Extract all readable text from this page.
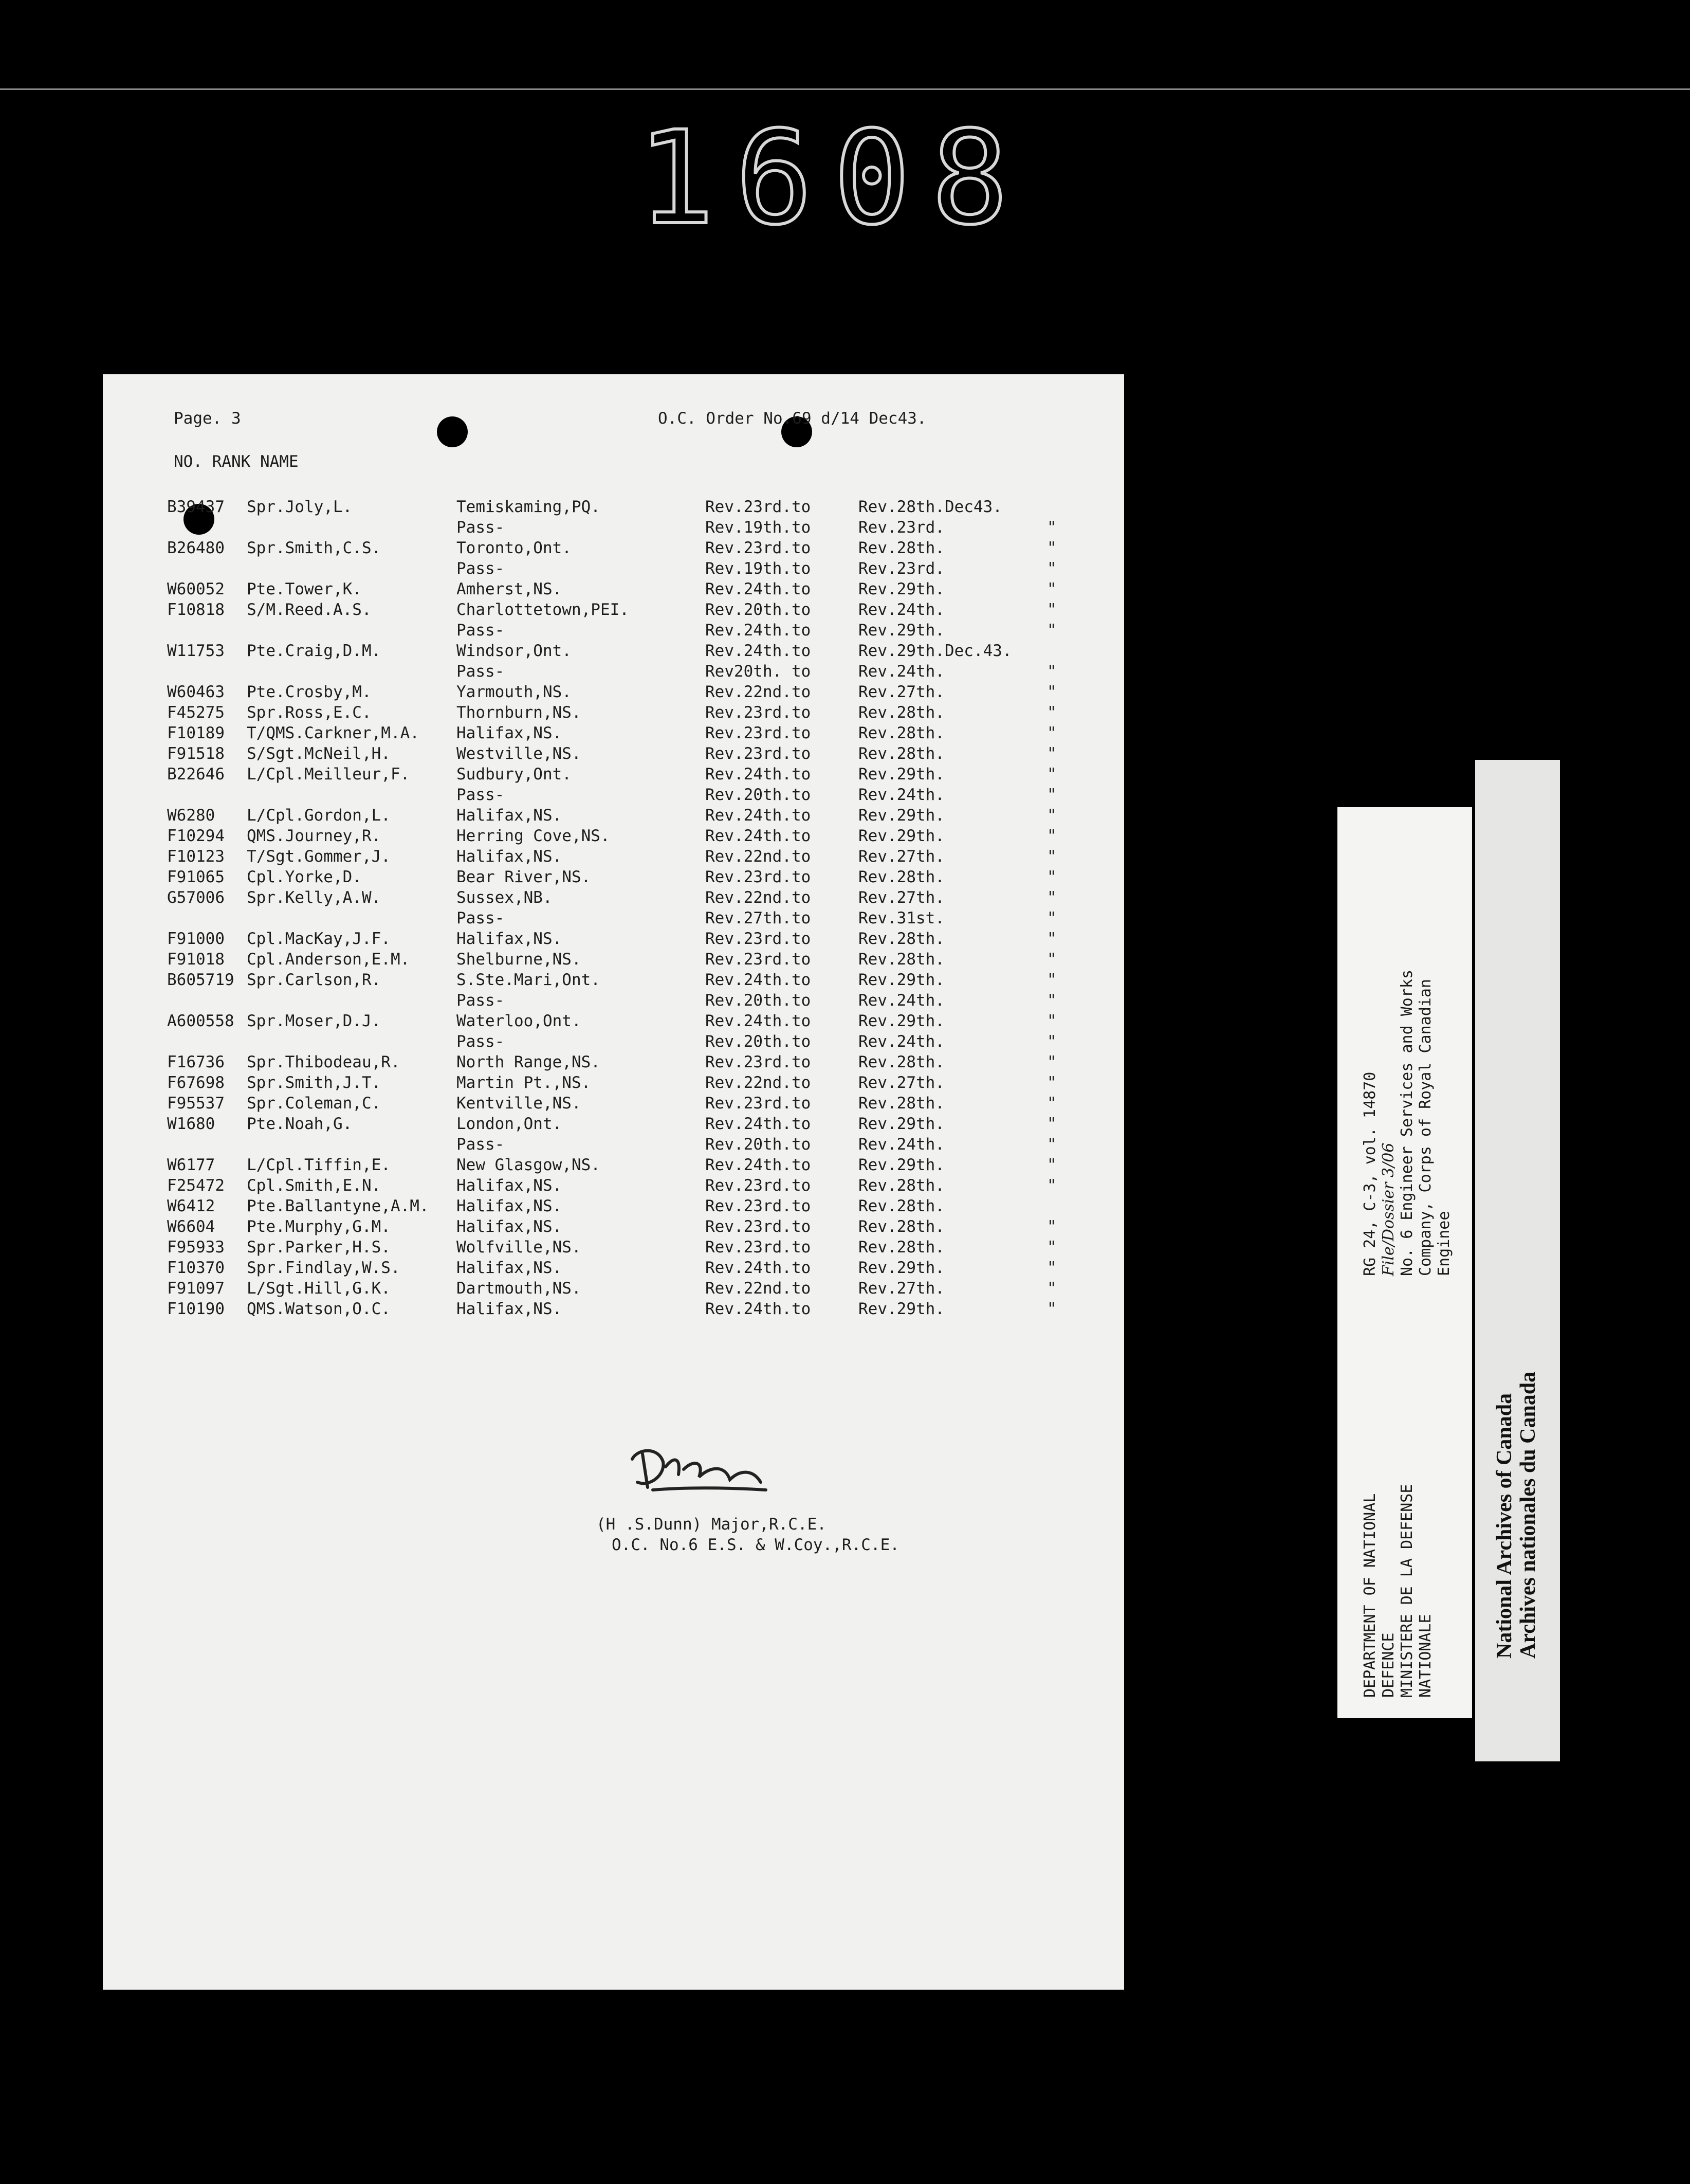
1608
Page. 3	O.C. Order No.69 d/14 Dec43.
NO. RANK NAME
B39437 Spr.Joly,L.	Temiskaming,PQ.	Rev.23rd.to	Rev.28th.Dec43.
Pass-	Rev.19th.to	Rev.23rd.	"
B26480 Spr.Smith,C.S.	Toronto,Ont.	Rev.23rd.to	Rev.28th.	"
Pass-	Rev.19th.to	Rev.23rd.	"
W60052 Pte.Tower,K.	Amherst,NS.	Rev.24th.to	Rev.29th.	"
F10818 S/M.Reed.A.S.	Charlottetown,PEI.	Rev.20th.to	Rev.24th.	"
Pass-	Rev.24th.to	Rev.29th.	"
W11753 Pte.Craig,D.M.	Windsor,Ont.	Rev.24th.to	Rev.29th.Dec.43.
Pass-	Rev20th. to	Rev.24th.	"
W60463 Pte.Crosby,M.	Yarmouth,NS.	Rev.22nd.to	Rev.27th.	"
F45275 Spr.Ross,E.C.	Thornburn,NS.	Rev.23rd.to	Rev.28th.	"
F10189 T/QMS.Carkner,M.A. Halifax,NS.	Rev.23rd.to	Rev.28th.	"
F91518 S/Sgt.McNeil,H.	Westville,NS.	Rev.23rd.to	Rev.28th.	"
B22646 L/Cpl.Meilleur,F.	Sudbury,Ont.	Rev.24th.to	Rev.29th.	"
Pass-	Rev.20th.to	Rev.24th.	"
W6280 L/Cpl.Gordon,L.	Halifax,NS.	Rev.24th.to	Rev.29th.	"
F10294 QMS.Journey,R.	Herring Cove,NS.	Rev.24th.to	Rev.29th.	"
F10123 T/Sgt.Gommer,J.	Halifax,NS.	Rev.22nd.to	Rev.27th.	"
F91065 Cpl.Yorke,D.	Bear River,NS.	Rev.23rd.to	Rev.28th.	"
G57006 Spr.Kelly,A.W.	Sussex,NB.	Rev.22nd.to	Rev.27th.	"
Pass-	Rev.27th.to	Rev.31st.	"
F91000 Cpl.MacKay,J.F.	Halifax,NS.	Rev.23rd.to	Rev.28th.	"
F91018 Cpl.Anderson,E.M.	Shelburne,NS.	Rev.23rd.to	Rev.28th.	"
B605719 Spr.Carlson,R.	S.Ste.Mari,Ont.	Rev.24th.to	Rev.29th.	"
Pass-	Rev.20th.to	Rev.24th.	"
A600558 Spr.Moser,D.J.	Waterloo,Ont.	Rev.24th.to	Rev.29th.	"
Pass-	Rev.20th.to	Rev.24th.	"
F16736 Spr.Thibodeau,R.	North Range,NS.	Rev.23rd.to	Rev.28th.	"
F67698 Spr.Smith,J.T.	Martin Pt.,NS.	Rev.22nd.to	Rev.27th.	"
F95537 Spr.Coleman,C.	Kentville,NS.	Rev.23rd.to	Rev.28th.	"
W1680 Pte.Noah,G.	London,Ont.	Rev.24th.to	Rev.29th.	"
Pass-	Rev.20th.to	Rev.24th.	"
W6177 L/Cpl.Tiffin,E.	New Glasgow,NS.	Rev.24th.to	Rev.29th.	"
F25472 Cpl.Smith,E.N.	Halifax,NS.	Rev.23rd.to	Rev.28th.	"
W6412 Pte.Ballantyne,A.M. Halifax,NS.	Rev.23rd.to	Rev.28th.
W6604 Pte.Murphy,G.M.	Halifax,NS.	Rev.23rd.to	Rev.28th.	"
F95933 Spr.Parker,H.S.	Wolfville,NS.	Rev.23rd.to	Rev.28th.	"
F10370 Spr.Findlay,W.S.	Halifax,NS.	Rev.24th.to	Rev.29th.	"
F91097 L/Sgt.Hill,G.K.	Dartmouth,NS.	Rev.22nd.to	Rev.27th.	"
F10190 QMS.Watson,O.C.	Halifax,NS.	Rev.24th.to	Rev.29th.	"
(H .S.Dunn) Major,R.C.E.
O.C. No.6 E.S. & W.Coy.,R.C.E.	DEPARTMENT OF NATIONAL DEFENCE MINISTERE DE LA DEFENSE NATIONALE
RG 24, C-3, vol. 14870 File/Dossier 3/06 No. 6 Engineer Services and Works Company, Corps of Royal Canadian Enginee
National Archives of Canada Archives nationales du Canada
